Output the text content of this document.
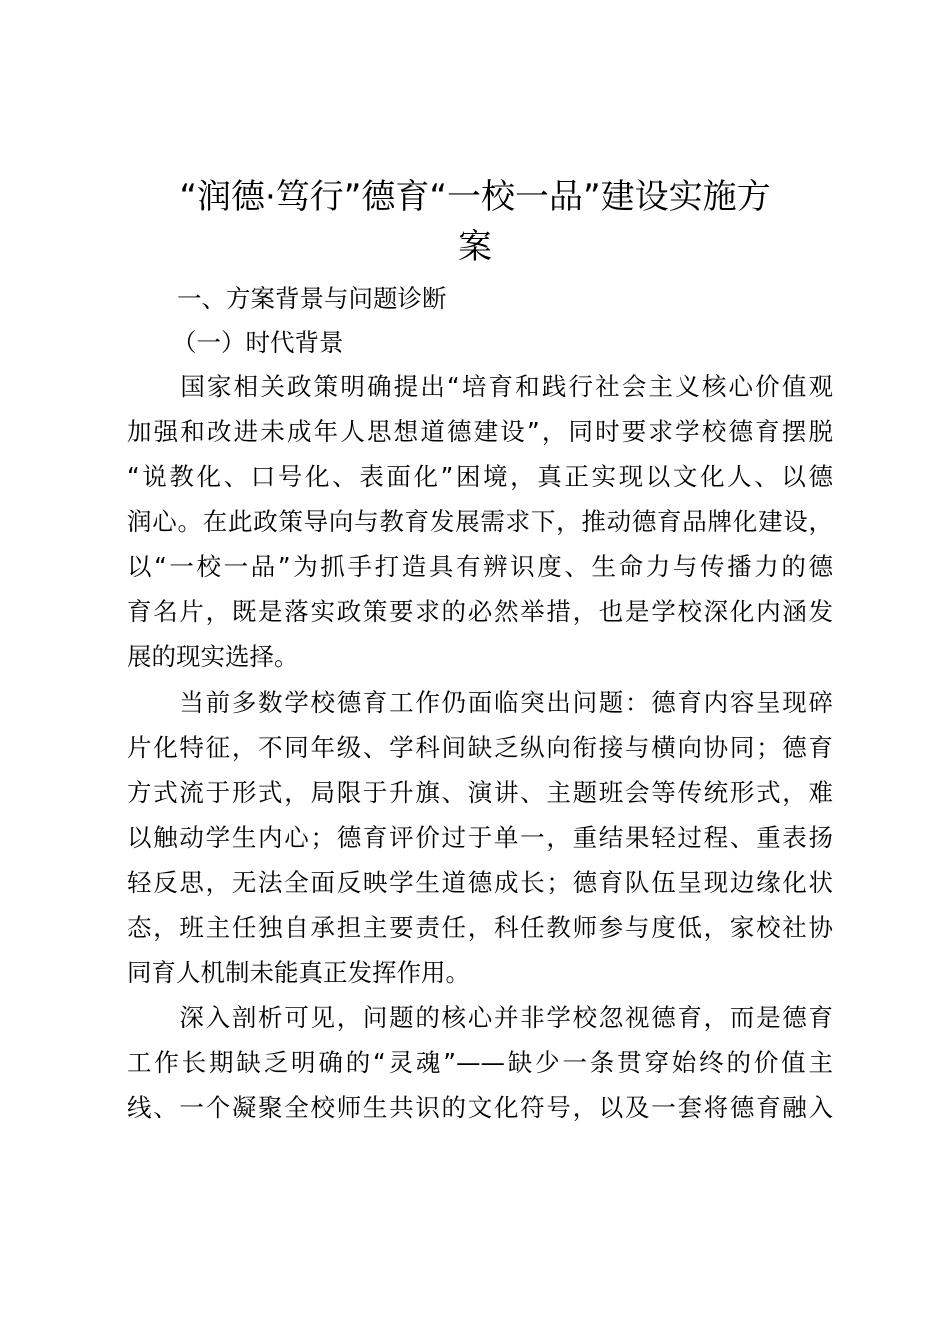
“润德·笃行”德育“一校一品”建设实施方
案

一、方案背景与问题诊断

（一）时代背景

　　国家相关政策明确提出“培育和践行社会主义核心价值观

加强和改进未成年人思想道德建设”，同时要求学校德育摆脱

“说教化、口号化、表面化”困境，真正实现以文化人、以德

润心。在此政策导向与教育发展需求下，推动德育品牌化建设，

以“一校一品”为抓手打造具有辨识度、生命力与传播力的德

育名片，既是落实政策要求的必然举措，也是学校深化内涵发

展的现实选择。

　　当前多数学校德育工作仍面临突出问题：德育内容呈现碎

片化特征，不同年级、学科间缺乏纵向衔接与横向协同；德育

方式流于形式，局限于升旗、演讲、主题班会等传统形式，难

以触动学生内心；德育评价过于单一，重结果轻过程、重表扬

轻反思，无法全面反映学生道德成长；德育队伍呈现边缘化状

态，班主任独自承担主要责任，科任教师参与度低，家校社协

同育人机制未能真正发挥作用。

　　深入剖析可见，问题的核心并非学校忽视德育，而是德育

工作长期缺乏明确的“灵魂”——缺少一条贯穿始终的价值主

线、一个凝聚全校师生共识的文化符号，以及一套将德育融入
